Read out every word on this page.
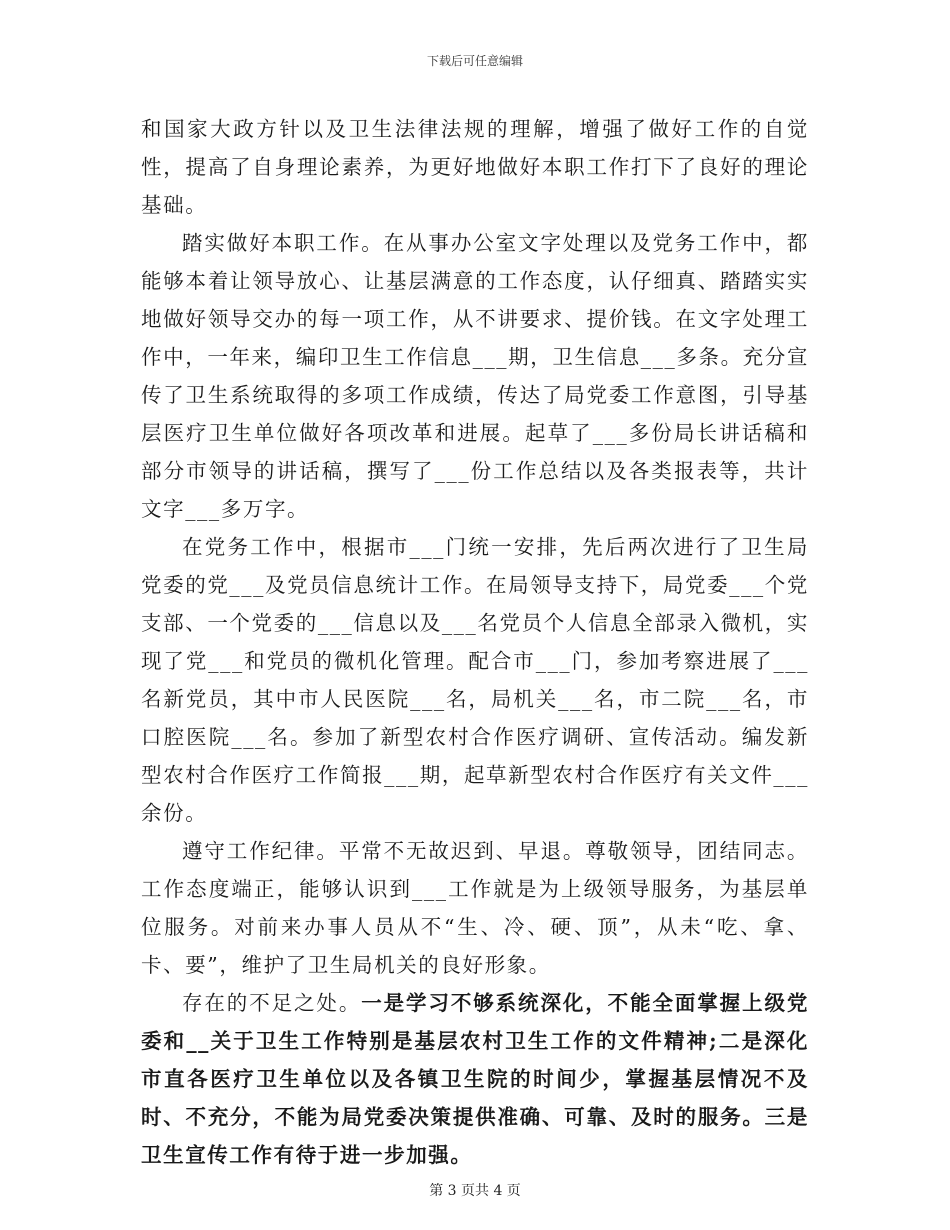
下载后可任意编辑

和国家大政方针以及卫生法律法规的理解，增强了做好工作的自觉性，提高了自身理论素养，为更好地做好本职工作打下了良好的理论基础。

踏实做好本职工作。在从事办公室文字处理以及党务工作中，都能够本着让领导放心、让基层满意的工作态度，认仔细真、踏踏实实地做好领导交办的每一项工作，从不讲要求、提价钱。在文字处理工作中，一年来，编印卫生工作信息___期，卫生信息___多条。充分宣传了卫生系统取得的多项工作成绩，传达了局党委工作意图，引导基层医疗卫生单位做好各项改革和进展。起草了___多份局长讲话稿和部分市领导的讲话稿，撰写了___份工作总结以及各类报表等，共计文字___多万字。

在党务工作中，根据市___门统一安排，先后两次进行了卫生局党委的党___及党员信息统计工作。在局领导支持下，局党委___个党支部、一个党委的___信息以及___名党员个人信息全部录入微机，实现了党___和党员的微机化管理。配合市___门，参加考察进展了___名新党员，其中市人民医院___名，局机关___名，市二院___名，市口腔医院___名。参加了新型农村合作医疗调研、宣传活动。编发新型农村合作医疗工作简报___期，起草新型农村合作医疗有关文件___余份。

遵守工作纪律。平常不无故迟到、早退。尊敬领导，团结同志。工作态度端正，能够认识到___工作就是为上级领导服务，为基层单位服务。对前来办事人员从不“生、冷、硬、顶”，从未“吃、拿、卡、要”，维护了卫生局机关的良好形象。

存在的不足之处。一是学习不够系统深化，不能全面掌握上级党委和__关于卫生工作特别是基层农村卫生工作的文件精神;二是深化市直各医疗卫生单位以及各镇卫生院的时间少，掌握基层情况不及时、不充分，不能为局党委决策提供准确、可靠、及时的服务。三是卫生宣传工作有待于进一步加强。

第 3 页共 4 页
